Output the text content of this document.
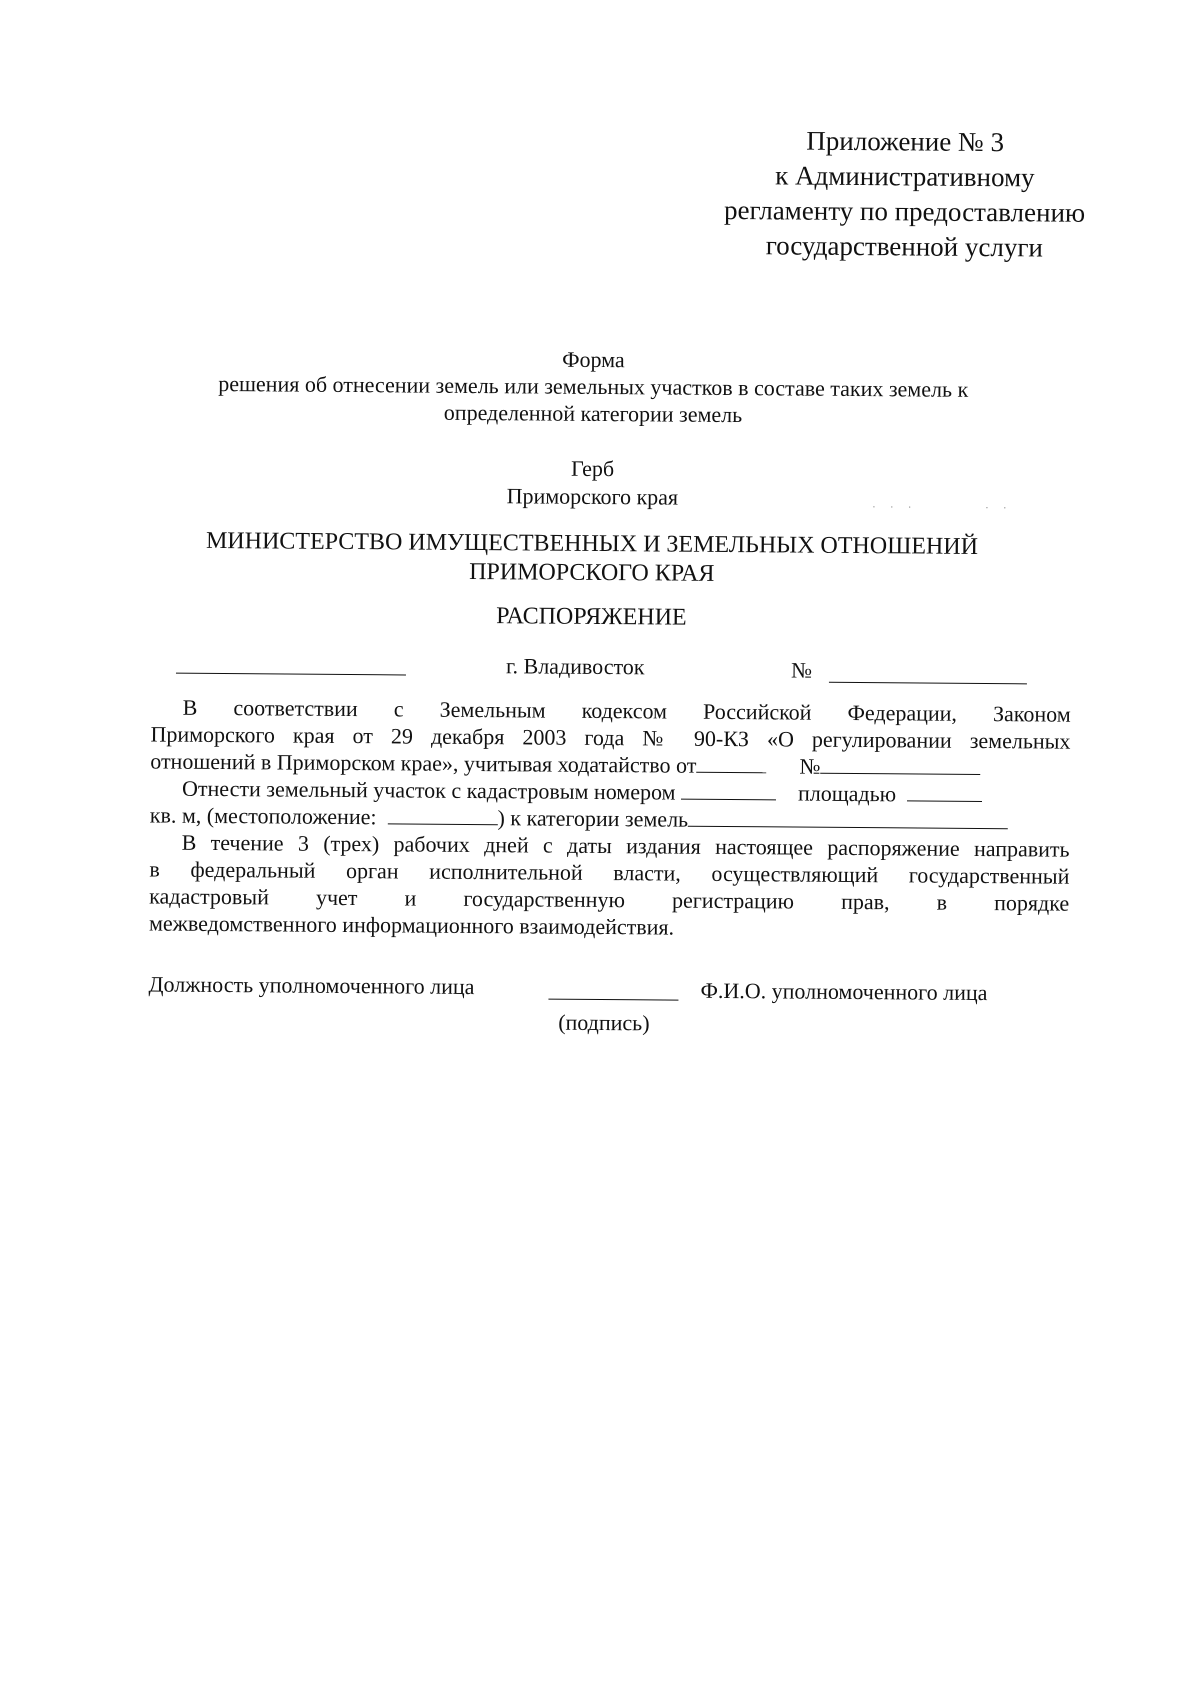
Приложение № 3
к Административному
регламенту по предоставлению
государственной услуги
Форма
решения об отнесении земель или земельных участков в составе таких земель к
определенной категории земель
Герб
Приморского края	· · ·        · ·
МИНИСТЕРСТВО ИМУЩЕСТВЕННЫХ И ЗЕМЕЛЬНЫХ ОТНОШЕНИЙ
ПРИМОРСКОГО КРАЯ
РАСПОРЯЖЕНИЕ
г. Владивосток	№
В соответствии с Земельным кодексом Российской Федерации, Законом
Приморского края от 29 декабря 2003 года № 90-КЗ «О регулировании земельных
отношений в Приморском крае», учитывая ходатайство от	№
Отнести земельный участок с кадастровым номером	площадью
кв. м, (местоположение:	) к категории земель
В течение 3 (трех) рабочих дней с даты издания настоящее распоряжение направить
в федеральный орган исполнительной власти, осуществляющий государственный
кадастровый учет и государственную регистрацию прав, в порядке
межведомственного информационного взаимодействия.
Должность уполномоченного лица
(подпись)
Ф.И.О. уполномоченного лица
